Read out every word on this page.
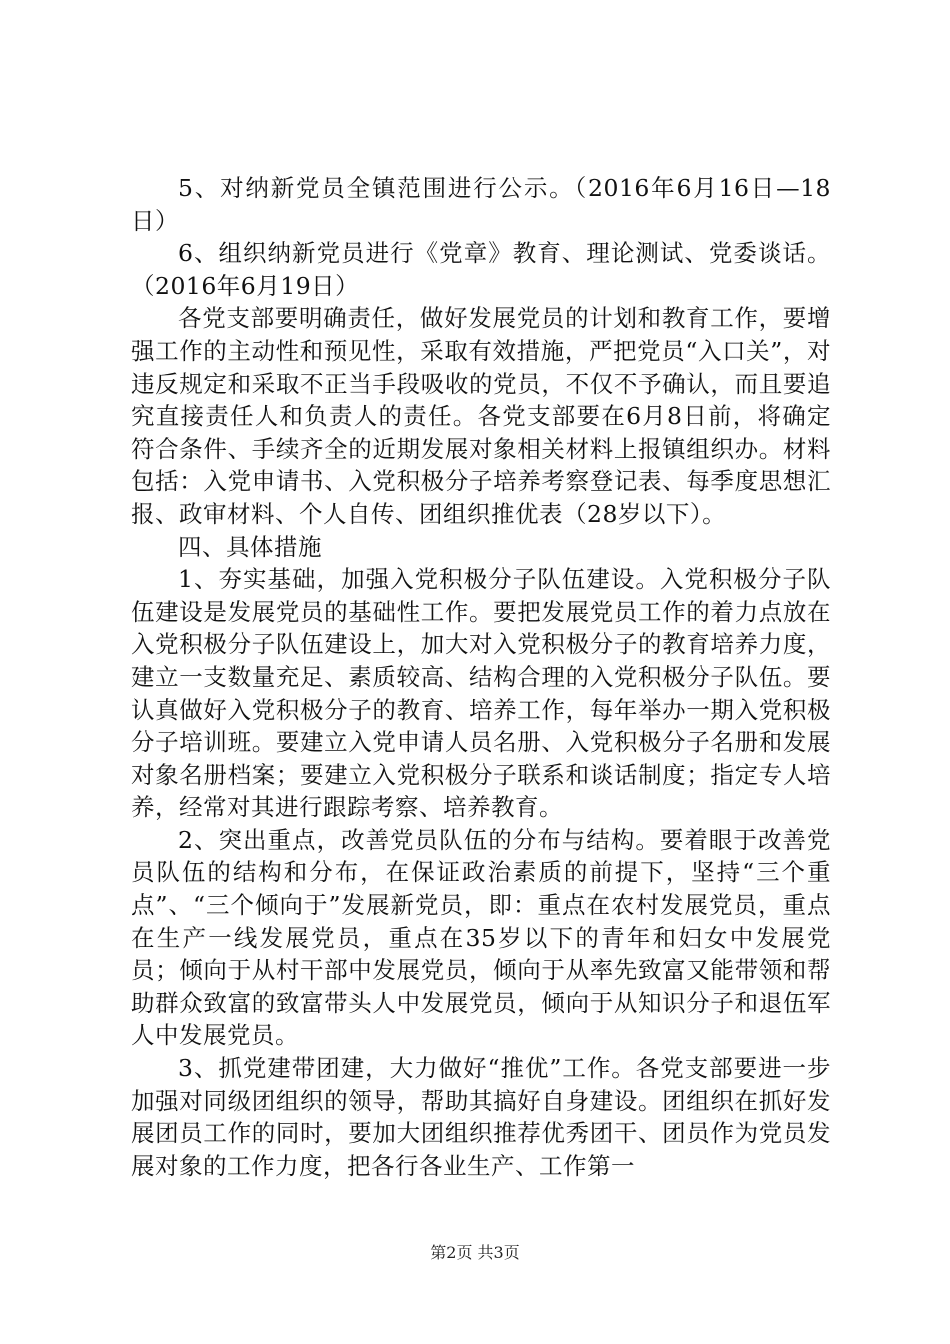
5、对纳新党员全镇范围进行公示。（2016年6月16日—18日）

6、组织纳新党员进行《党章》教育、理论测试、党委谈话。（2016年6月19日）

各党支部要明确责任，做好发展党员的计划和教育工作，要增强工作的主动性和预见性，采取有效措施，严把党员“入口关”，对违反规定和采取不正当手段吸收的党员，不仅不予确认，而且要追究直接责任人和负责人的责任。各党支部要在6月8日前，将确定符合条件、手续齐全的近期发展对象相关材料上报镇组织办。材料包括：入党申请书、入党积极分子培养考察登记表、每季度思想汇报、政审材料、个人自传、团组织推优表（28岁以下）。

四、具体措施

1、夯实基础，加强入党积极分子队伍建设。入党积极分子队伍建设是发展党员的基础性工作。要把发展党员工作的着力点放在入党积极分子队伍建设上，加大对入党积极分子的教育培养力度，建立一支数量充足、素质较高、结构合理的入党积极分子队伍。要认真做好入党积极分子的教育、培养工作，每年举办一期入党积极分子培训班。要建立入党申请人员名册、入党积极分子名册和发展对象名册档案；要建立入党积极分子联系和谈话制度；指定专人培养，经常对其进行跟踪考察、培养教育。

2、突出重点，改善党员队伍的分布与结构。要着眼于改善党员队伍的结构和分布，在保证政治素质的前提下，坚持“三个重点”、“三个倾向于”发展新党员，即：重点在农村发展党员，重点在生产一线发展党员，重点在35岁以下的青年和妇女中发展党员；倾向于从村干部中发展党员，倾向于从率先致富又能带领和帮助群众致富的致富带头人中发展党员，倾向于从知识分子和退伍军人中发展党员。

3、抓党建带团建，大力做好“推优”工作。各党支部要进一步加强对同级团组织的领导，帮助其搞好自身建设。团组织在抓好发展团员工作的同时，要加大团组织推荐优秀团干、团员作为党员发展对象的工作力度，把各行各业生产、工作第一

第2页 共3页
